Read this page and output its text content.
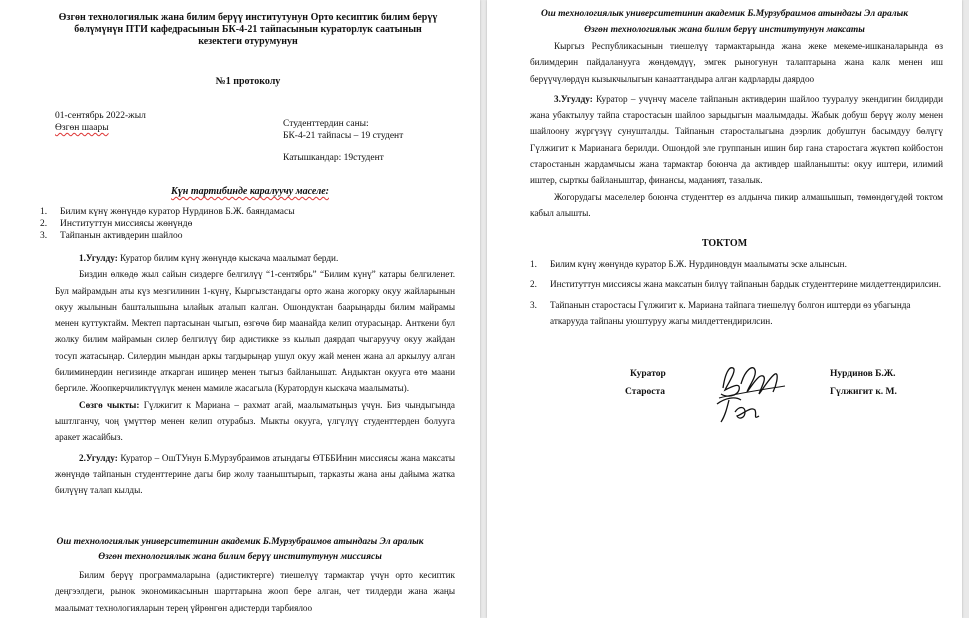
Өзгөн технологиялык жана билим берүү институтунун Орто кесиптик билим берүү бөлүмүнүн ПТИ кафедрасынын БК-4-21 тайпасынын кураторлук саатынын кезектеги отурумунун
№1 протоколу
01-сентябрь 2022-жыл
Өзгөн шаары	Студенттердин саны:
БК-4-21 тайпасы – 19 студент
Катышкандар: 19студент
Күн тартибинде каралуучу маселе:
1.	Билим күнү жөнүндө куратор Нурдинов Б.Ж. баяндамасы
2.	Институттун миссиясы жөнүндө
3.	Тайпанын активдерин шайлоо

1.Угулду: Куратор билим күнү жөнүндө кыскача маалымат берди.

Биздин өлкөдө жыл сайын сиздерге белгилүү “1-сентябрь” “Билим күнү” катары белгиленет. Бул майрамдын аты күз мезгилинин 1-күнү, Кыргызстандагы орто жана жогорку окуу жайларынын окуу жылынын башталышына ылайык аталып калган. Ошондуктан баарыңарды билим майрамы менен куттуктайм. Мектеп партасынан чыгып, өзгөчө бир маанайда келип отурасыңар. Анткени бул жолку билим майрамын силер белгилүү бир адистикке эз кылып даярдап чыгаруучу окуу жайдан тосуп жатасыңар. Силердин мындан аркы тагдырыңар ушул окуу жай менен жана ал аркылуу алган билиминердин негизинде аткарган ишиңер менен тыгыз байланышат. Андыктан окууга өтө маани бергиле. Жоопкерчиликтүүлүк менен мамиле жасагыла (Куратордун кыскача маалыматы).

Сөзгө чыкты: Гүлжигит к Мариана – рахмат агай, маалыматыңыз үчүн. Биз чындыгында ыштлганчу, чоң үмүттөр менен келип отурабыз. Мыкты окууга, үлгүлүү студенттерден болууга аракет жасайбыз.

2.Угулду: Куратор – ОшТУнун Б.Мурзубраимов атындагы ӨТББИнин миссиясы жана максаты жөнүндө тайпанын студенттерине дагы бир жолу тааныштырып, тарказты жана аны дайыма жатка билүүнү талап кылды.

Ош технологиялык университетинин академик Б.Мурзубраимов атындагы Эл аралык
Өзгөн технологиялык жана билим берүү институтунун миссиясы

Билим берүү программаларына (адистиктерге) тиешелүү тармактар үчүн орто кесиптик деңгээлдеги, рынок экономикасынын шарттарына жооп бере алган, чет тилдерди жана жаңы маалымат технологияларын терең үйрөнгөн адистерди тарбиялоо

Ош технологиялык университетинин академик Б.Мурзубраимов атындагы Эл аралык
Өзгөн технологиялык жана билим берүү институтунун максаты

Кыргыз Республикасынын тиешелүү тармактарында жана жеке мекеме-ишканаларында өз билимдерин пайдаланууга жөндөмдүү, эмгек рыногунун талаптарына жана калк менен иш берүүчүлөрдүн кызыкчылыгын канааттандыра алган кадрларды даярдоо

3.Угулду: Куратор – учүнчү маселе тайпанын активдерин шайлоо тууралуу экендигин билдирди жана убактылуу тайпа старостасын шайлоо зарыдыгын маалымдады. Жабык добуш берүү жолу менен шайлоону жүргүзүү сунушталды. Тайпанын старосталыгына дээрлик добуштун басымдуу бөлүгү Гүлжигит к Марианага берилди. Ошондой эле группанын ишин бир гана старостага жүктөп койбостон старостанын жардамчысы жана тармактар боюнча да активдер шайланышты: окуу иштери, илимий иштер, сырткы байланыштар, финансы, маданият, тазалык.

Жогорудагы маселелер боюнча студенттер өз алдынча пикир алмашышып, төмөндөгүдөй токтом кабыл алышты.

ТОКТОМ
1.	Билим күнү жөнүндө куратор Б.Ж. Нурдиновдун маалыматы эске алынсын.
2.	Институттун миссиясы жана максатын билүү тайпанын бардык студенттерине милдеттендирилсин.
3.	Тайпанын старостасы Гүлжигит к. Мариана тайпага тиешелүү болгон иштерди өз убагында аткарууда тайпаны уюштуруу жагы милдеттендирилсин.
Куратор	Нурдинов Б.Ж.
Староста	Гүлжигит к. М.
